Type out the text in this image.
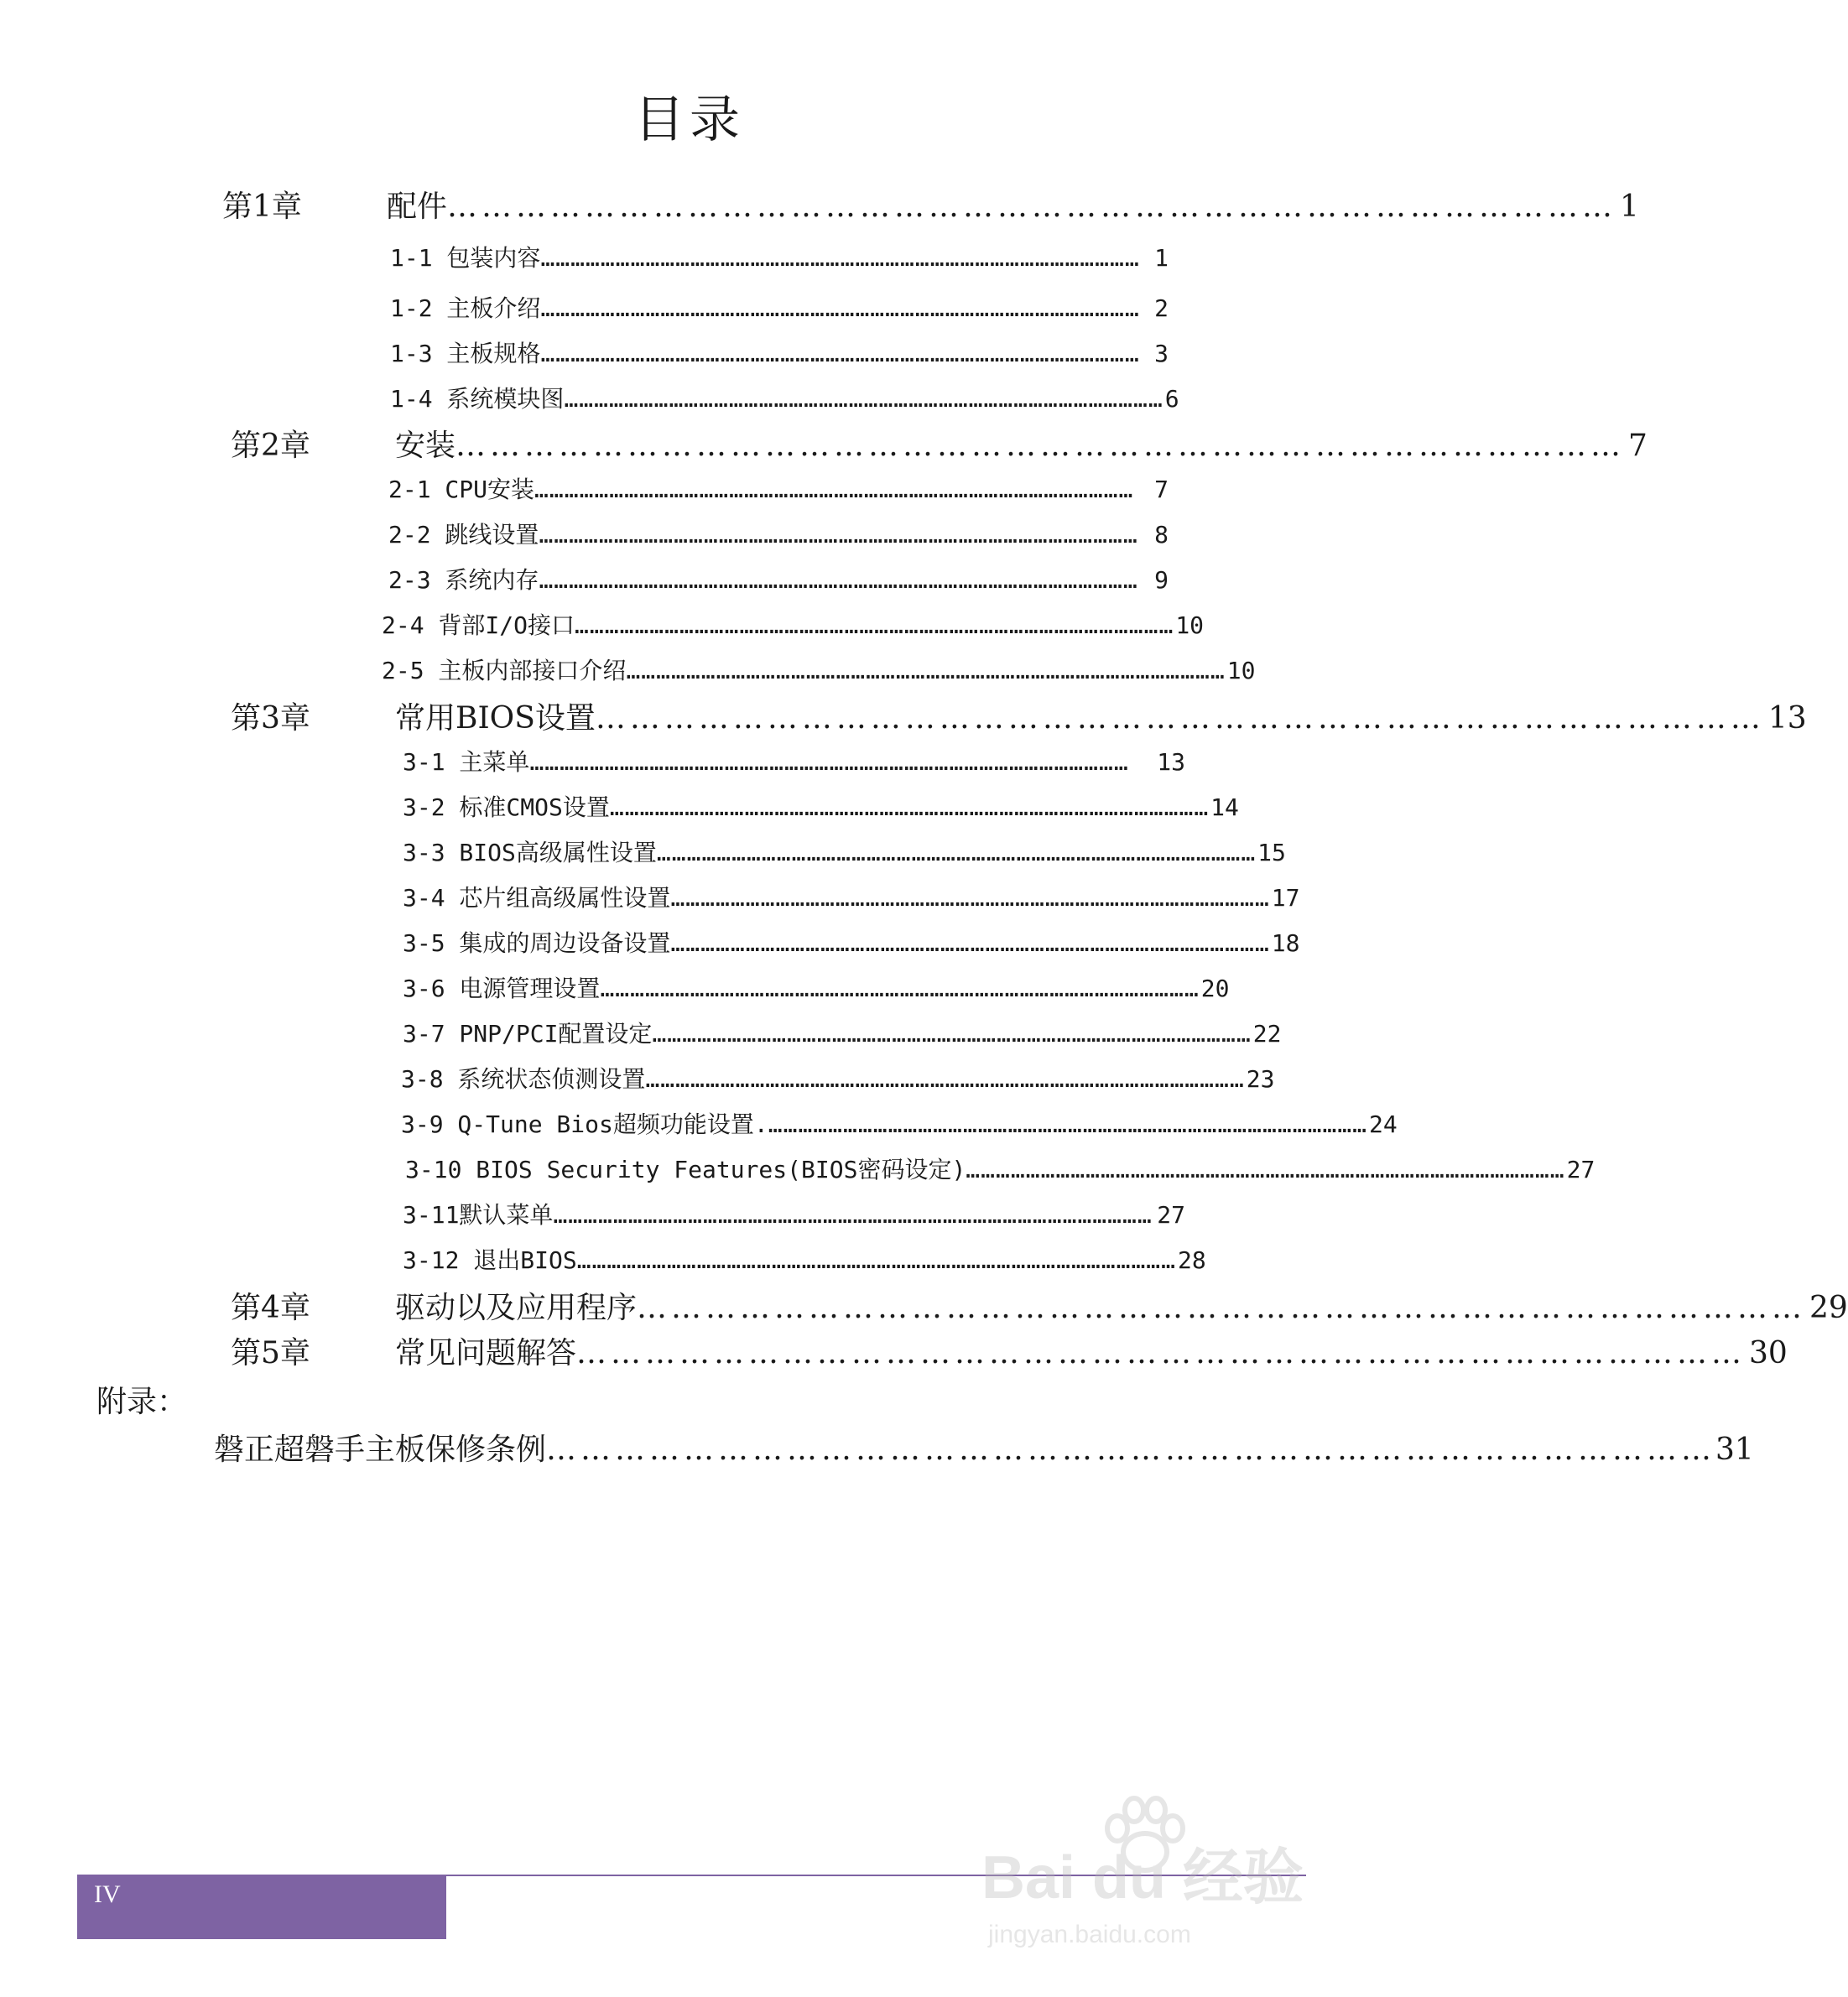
目录
第1章	配件 ………………………………………………………………………………………… 1
1-1 包装内容 ………………………………………………………………………………………………………… 1
1-2 主板介绍 ………………………………………………………………………………………………………… 2
1-3 主板规格 ………………………………………………………………………………………………………… 3
1-4 系统模块图 ………………………………………………………………………………………………………… 6
第2章	安装 ………………………………………………………………………………………… 7
2-1 CPU安装 ………………………………………………………………………………………………………… 7
2-2 跳线设置 ………………………………………………………………………………………………………… 8
2-3 系统内存 ………………………………………………………………………………………………………… 9
2-4 背部I/O接口 ………………………………………………………………………………………………………… 10
2-5 主板内部接口介绍 ………………………………………………………………………………………………………… 10
第3章	常用BIOS设置 ………………………………………………………………………………………… 13
3-1 主菜单 …………………………………………………………………………………………………………	13
3-2 标准CMOS设置 ………………………………………………………………………………………………………… 14
3-3 BIOS高级属性设置 ………………………………………………………………………………………………………… 15
3-4 芯片组高级属性设置 ………………………………………………………………………………………………………… 17
3-5 集成的周边设备设置 ………………………………………………………………………………………………………… 18
3-6 电源管理设置 ………………………………………………………………………………………………………… 20
3-7 PNP/PCI配置设定 ………………………………………………………………………………………………………… 22
3-8 系统状态侦测设置 ………………………………………………………………………………………………………… 23
3-9 Q-Tune Bios超频功能设置. ………………………………………………………………………………………………………… 24
3-10 BIOS Security Features(BIOS密码设定) ………………………………………………………………………………………………………… 27
3-11默认菜单 ………………………………………………………………………………………………………… 27
3-12 退出BIOS ………………………………………………………………………………………………………… 28
第4章	驱动以及应用程序 ………………………………………………………………………………………… 29
第5章	常见问题解答 ………………………………………………………………………………………… 30
附录：
磐正超磐手主板保修条例 ………………………………………………………………………………………… 31
IV	Bai du 经验
jingyan.baidu.com
